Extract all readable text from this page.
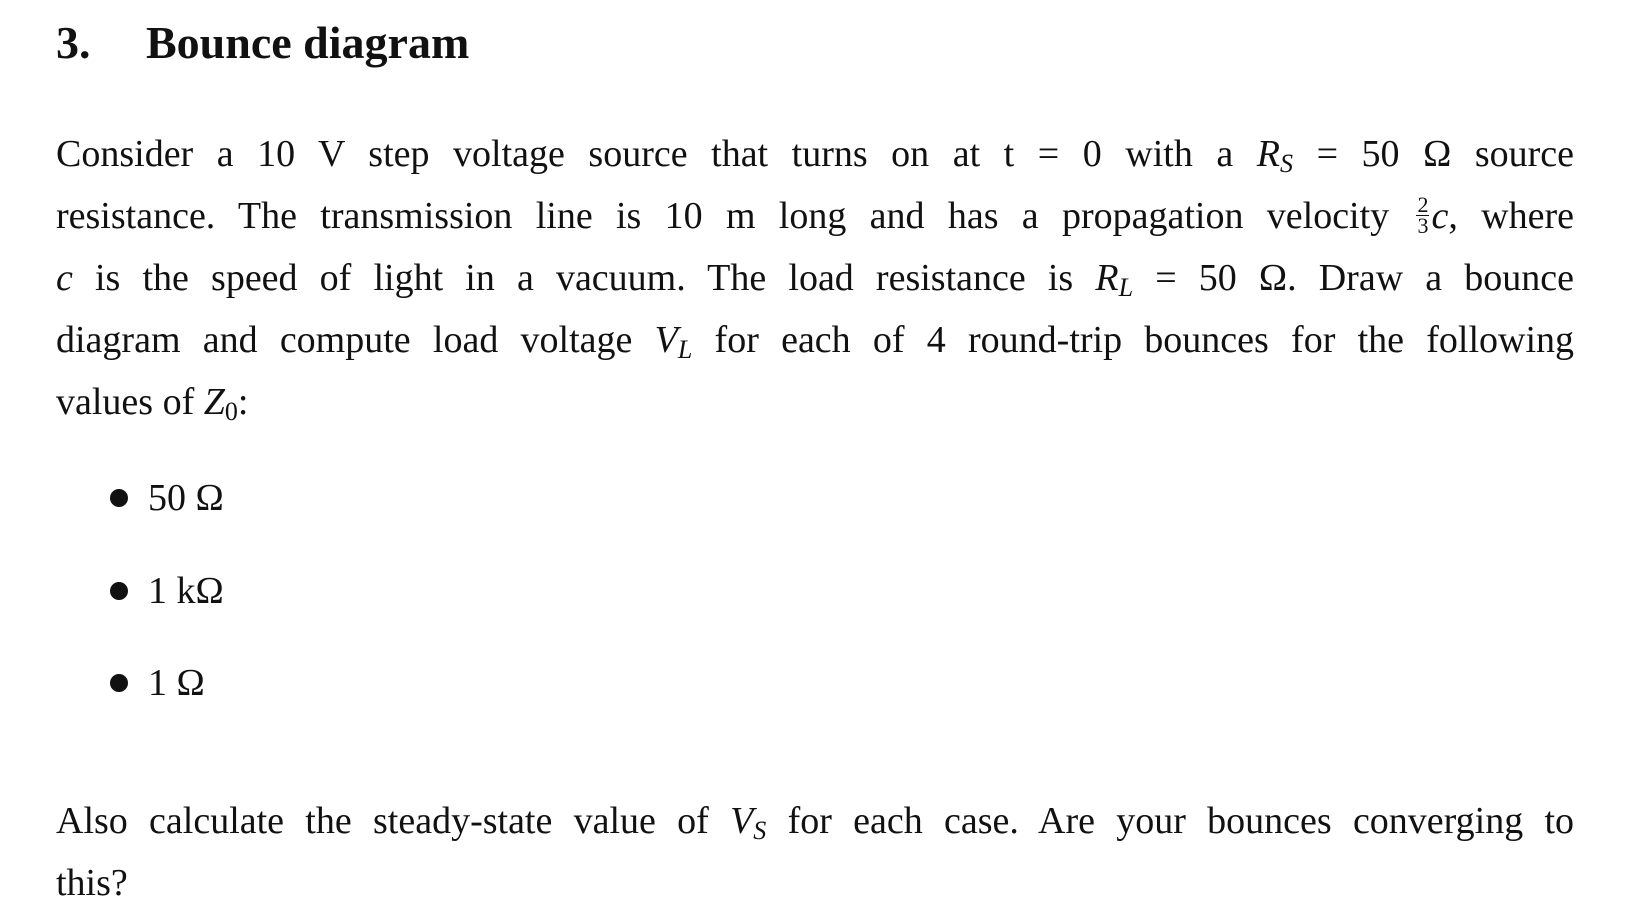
3. Bounce diagram
Consider a 10 V step voltage source that turns on at t = 0 with a $R_S = 50$ Ω source
resistance. The transmission line is 10 m long and has a propagation velocity $\frac{2}{3} c$, where
c is the speed of light in a vacuum. The load resistance is $R_L = 50$ Ω. Draw a bounce
diagram and compute load voltage $V_L$ for each of 4 round-trip bounces for the following
values of $Z_0$:
50 Ω
1 kΩ
1 Ω
Also calculate the steady-state value of $V_S$ for each case. Are your bounces converging to
this?
